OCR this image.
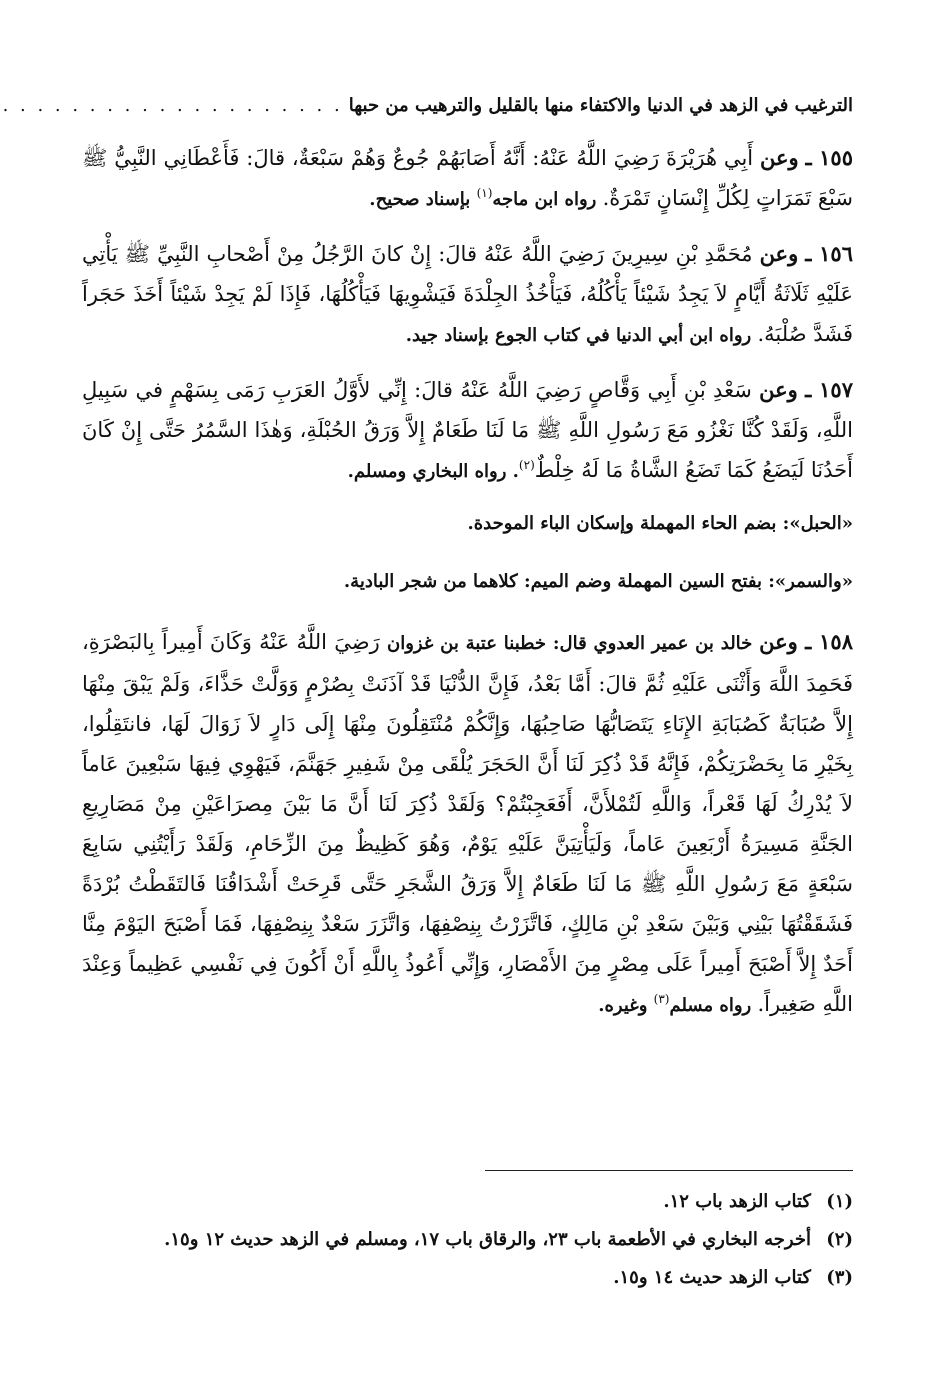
الترغيب في الزهد في الدنيا والاكتفاء منها بالقليل والترهيب من حبها
. . . . . . . . . . . . . . . . . . . .

١٥٥ ـ وعن أَبِي هُرَيْرَةَ رَضِيَ اللَّهُ عَنْهُ: أَنَّهُ أَصَابَهُمْ جُوعٌ وَهُمْ سَبْعَةٌ، قالَ: فَأَعْطَانِي النَّبِيُّ ﷺ سَبْعَ تَمَرَاتٍ لِكُلِّ إِنْسَانٍ تَمْرَةٌ. رواه ابن ماجه$^{(١)}$ بإسناد صحيح.

١٥٦ ـ وعن مُحَمَّدِ بْنِ سِيرِينَ رَضِيَ اللَّهُ عَنْهُ قالَ: إِنْ كانَ الرَّجُلُ مِنْ أَصْحابِ النَّبِيِّ ﷺ يَأْتِي عَلَيْهِ ثَلَاثَةُ أَيَّامٍ لاَ يَجِدُ شَيْئاً يَأْكُلُهُ، فَيَأْخُذُ الجِلْدَةَ فَيَشْوِيهَا فَيَأْكُلُهَا، فَإِذَا لَمْ يَجِدْ شَيْئاً أَخَذَ حَجَراً فَشَدَّ صُلْبَهُ. رواه ابن أبي الدنيا في كتاب الجوع بإسناد جيد.

١٥٧ ـ وعن سَعْدِ بْنِ أَبِي وَقَّاصٍ رَضِيَ اللَّهُ عَنْهُ قالَ: إِنِّي لأَوَّلُ العَرَبِ رَمَى بِسَهْمٍ في سَبِيلِ اللَّهِ، وَلَقَدْ كُنَّا نَغْزُو مَعَ رَسُولِ اللَّهِ ﷺ مَا لَنَا طَعَامٌ إِلاَّ وَرَقُ الحُبْلَةِ، وَهٰذَا السَّمُرُ حَتَّى إِنْ كَانَ أَحَدُنَا لَيَضَعُ كَمَا تَضَعُ الشَّاةُ مَا لَهُ خِلْطٌ$^{(٢)}$. رواه البخاري ومسلم.

«الحبل»: بضم الحاء المهملة وإسكان الباء الموحدة.

«والسمر»: بفتح السين المهملة وضم الميم: كلاهما من شجر البادية.

١٥٨ ـ وعن خالد بن عمير العدوي قال: خطبنا عتبة بن غزوان رَضِيَ اللَّهُ عَنْهُ وَكَانَ أَمِيراً بِالبَصْرَةِ، فَحَمِدَ اللَّهَ وَأَثْنَى عَلَيْهِ ثُمَّ قالَ: أَمَّا بَعْدُ، فَإِنَّ الدُّنْيَا قَدْ آذَنَتْ بِصُرْمٍ وَوَلَّتْ حَذَّاءَ، وَلَمْ يَبْقَ مِنْهَا إِلاَّ صُبَابَةٌ كَصُبَابَةِ الإِنَاءِ يَتَصَابُّهَا صَاحِبُهَا، وَإِنَّكُمْ مُنْتَقِلُونَ مِنْهَا إِلَى دَارٍ لاَ زَوَالَ لَهَا، فانتَقِلُوا، بِخَيْرِ مَا بِحَضْرَتِكُمْ، فَإِنَّهُ قَدْ ذُكِرَ لَنَا أَنَّ الحَجَرَ يُلْقَى مِنْ شَفِيرِ جَهَنَّمَ، فَيَهْوِي فِيهَا سَبْعِينَ عَاماً لاَ يُدْرِكُ لَهَا قَعْراً، وَاللَّهِ لَتُمْلأَنَّ، أَفَعَجِبْتُمْ؟ وَلَقَدْ ذُكِرَ لَنَا أَنَّ مَا بَيْنَ مِصرَاعَيْنِ مِنْ مَصَارِيعِ الجَنَّةِ مَسِيرَةُ أَرْبَعِينَ عَاماً، وَلَيَأْتِيَنَّ عَلَيْهِ يَوْمٌ، وَهُوَ كَظِيظٌ مِنَ الزِّحَامِ، وَلَقَدْ رَأَيْتُنِي سَابِعَ سَبْعَةٍ مَعَ رَسُولِ اللَّهِ ﷺ مَا لَنَا طَعَامٌ إِلاَّ وَرَقُ الشَّجَرِ حَتَّى قَرِحَتْ أَشْدَاقُنَا فَالتَقَطْتُ بُرْدَةً فَشَقَقْتُهَا بَيْنِي وَبَيْنَ سَعْدِ بْنِ مَالِكٍ، فَاتَّزَرْتُ بِنِصْفِهَا، وَاتَّزَرَ سَعْدٌ بِنِصْفِهَا، فَمَا أَصْبَحَ اليَوْمَ مِنَّا أَحَدٌ إِلاَّ أَصْبَحَ أَمِيراً عَلَى مِصْرٍ مِنَ الأَمْصَارِ، وَإِنِّي أَعُوذُ بِاللَّهِ أَنْ أَكُونَ فِي نَفْسِي عَظِيماً وَعِنْدَ اللَّهِ صَغِيراً. رواه مسلم$^{(٣)}$ وغيره.

(١)
كتاب الزهد باب ١٢.
(٢)
أخرجه البخاري في الأطعمة باب ٢٣، والرقاق باب ١٧، ومسلم في الزهد حديث ١٢ و١٥.
(٣)
كتاب الزهد حديث ١٤ و١٥.
